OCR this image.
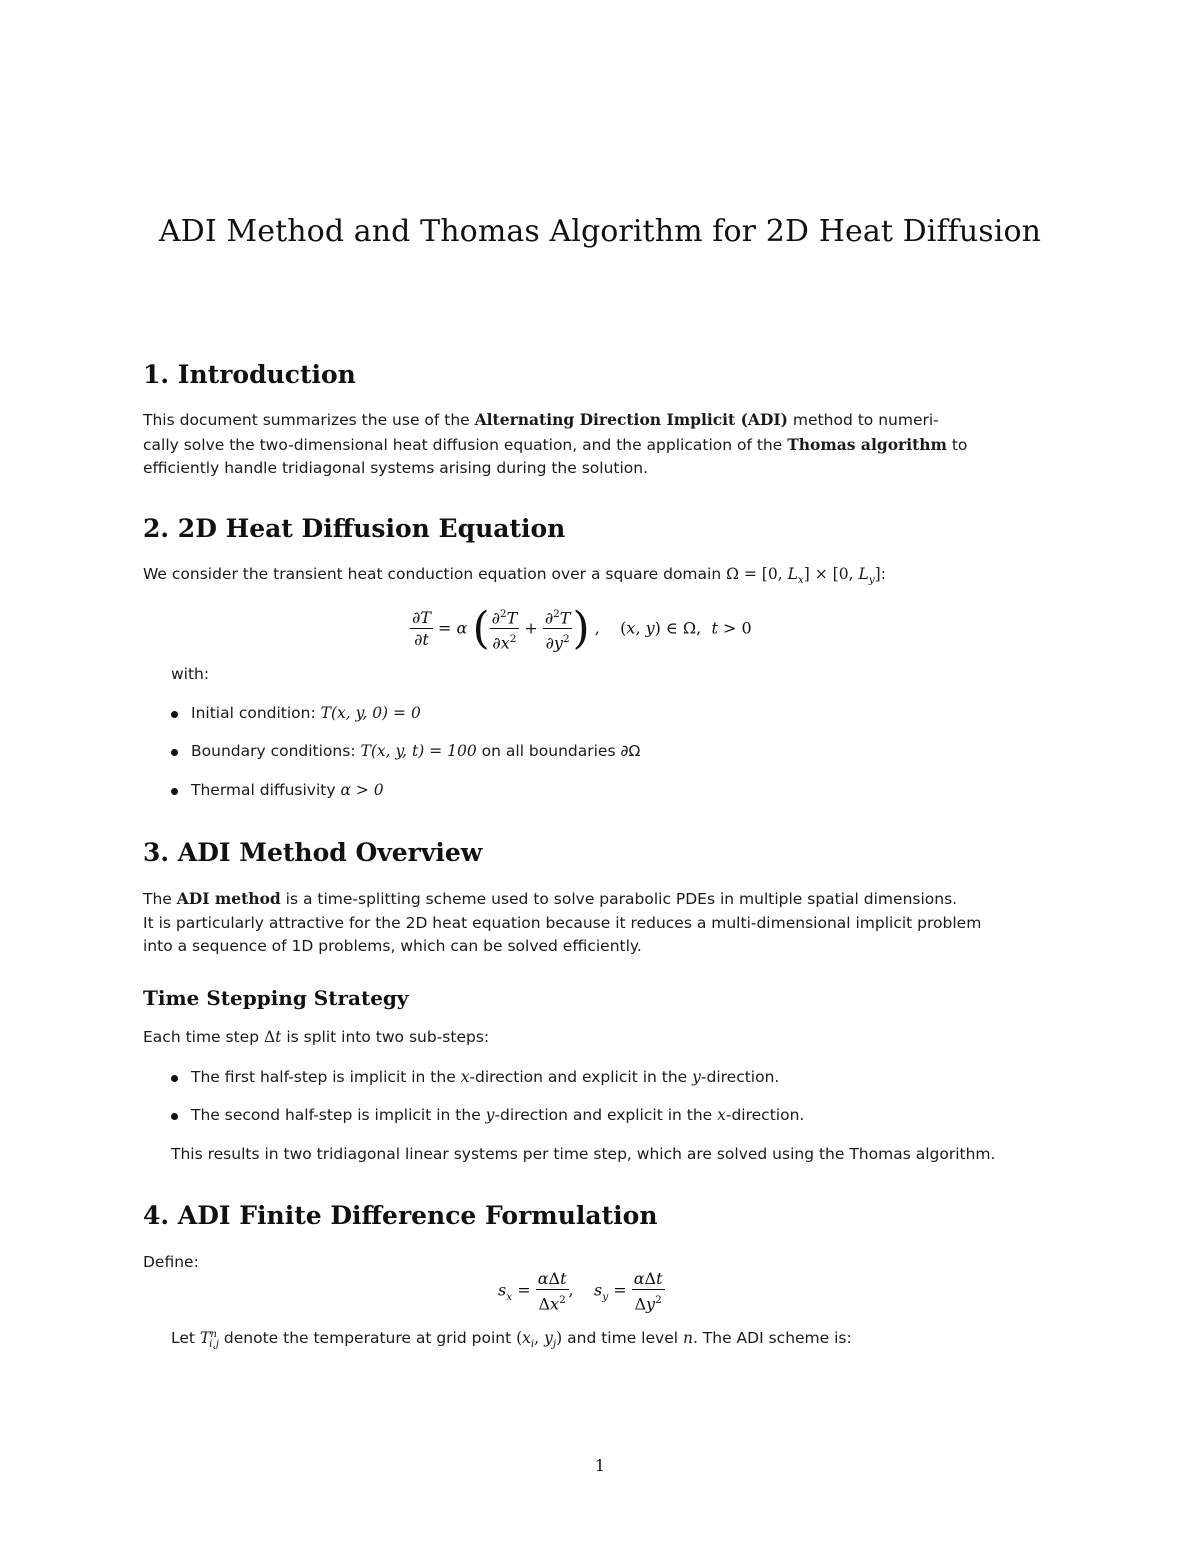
ADI Method and Thomas Algorithm for 2D Heat Diffusion
1. Introduction
This document summarizes the use of the Alternating Direction Implicit (ADI) method to numeri-
cally solve the two-dimensional heat diffusion equation, and the application of the Thomas algorithm to
efficiently handle tridiagonal systems arising during the solution.
2. 2D Heat Diffusion Equation
We consider the transient heat conduction equation over a square domain Ω = [0, $L_x] \times [0$, $L_y$]:
$\frac{\partial T}{\partial t} = \alpha$ ( $\frac{\partial^2T}{\partial x^2} + \frac{\partial^2T}{\partial y^2}$ ) ,    (x, y) ∈ Ω,  t > 0
with:
Initial condition: T(x, y, 0) = 0
Boundary conditions: T(x, y, t) = 100 on all boundaries ∂Ω
Thermal diffusivity α > 0
3. ADI Method Overview
The ADI method is a time-splitting scheme used to solve parabolic PDEs in multiple spatial dimensions.
It is particularly attractive for the 2D heat equation because it reduces a multi-dimensional implicit problem
into a sequence of 1D problems, which can be solved efficiently.
Time Stepping Strategy
Each time step Δt is split into two sub-steps:
The first half-step is implicit in the x-direction and explicit in the y-direction.
The second half-step is implicit in the y-direction and explicit in the x-direction.
This results in two tridiagonal linear systems per time step, which are solved using the Thomas algorithm.
4. ADI Finite Difference Formulation
Define:
$s_x = \frac{\text{αΔt}}{\Delta x^2}$ ,    $s_y = \frac{\text{αΔt}}{\Delta y^2}$
Let $T^n_{i,j}$ denote the temperature at grid point ($x_i$, $y_j$) and time level n. The ADI scheme is:
1
